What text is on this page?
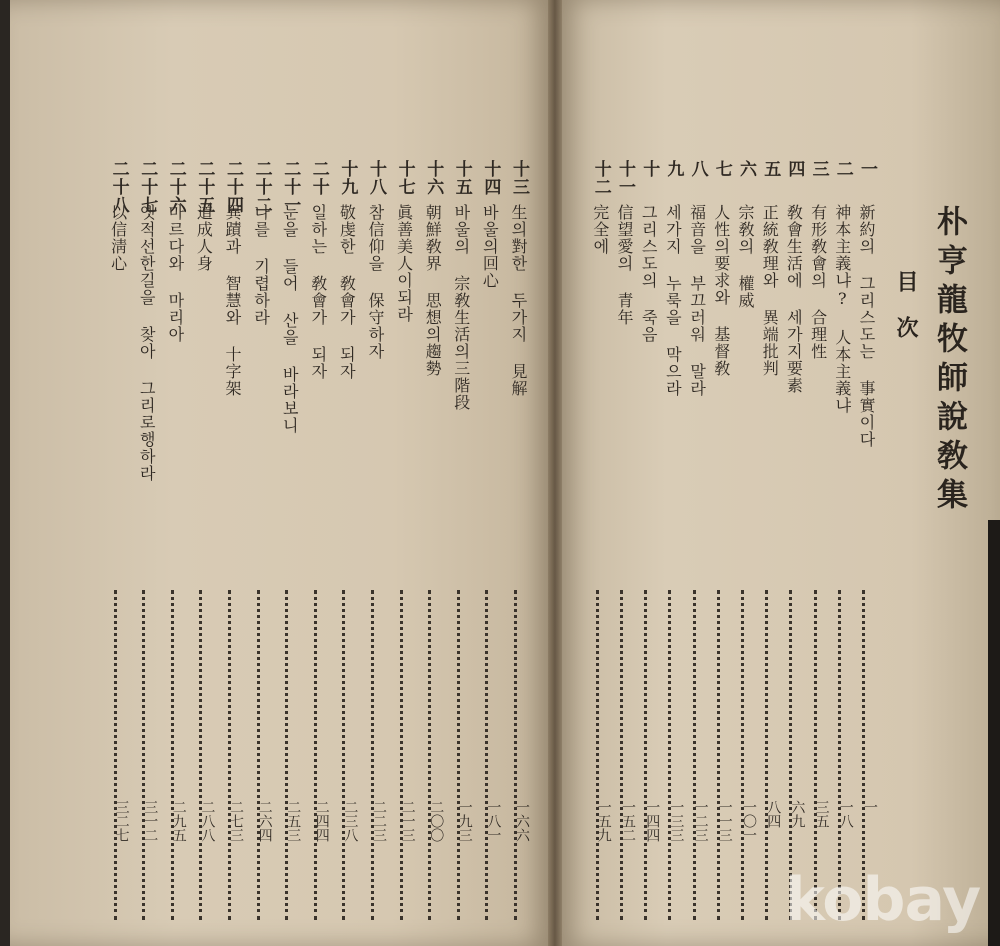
朴亨龍牧師說敎集
目次
一
新約의 그리스도는 事實이다
一
二
神本主義냐? 人本主義냐
一八
三
有形敎會의 合理性
三五
四
敎會生活에 세가지要素
六九
五
正統敎理와 異端批判
八四
六
宗敎의 權威
一〇一
七
人性의要求와 基督敎
一一三
八
福音을 부끄러워 말라
一二三
九
세가지 누룩을 막으라
一三三
十
그리스도의 죽음
一四四
十一
信望愛의 青年
一五二
十二
完全에
一五九
十三
生의對한 두가지 見解
一六六
十四
바울의回心
一八一
十五
바울의 宗敎生活의三階段
一九三
十六
朝鮮敎界 思想의趨勢
二〇〇
十七
眞善美人이되라
二一三
十八
참信仰을 保守하자
二二三
十九
敬虔한 敎會가 되자
二三八
二十
일하는 敎會가 되자
二四四
二十一
눈을 들어 산을 바라보니
二五三
二十二
나를 기렵하라
二六四
二十四
異蹟과 智慧와 十字架
二七三
二十五
道成人身
二八八
二十六
마르다와 마리아
二九五
二十七
옛적선한길을 찾아 그리로행하라
三一二
二十八
以信淸心
三二七
kobay
